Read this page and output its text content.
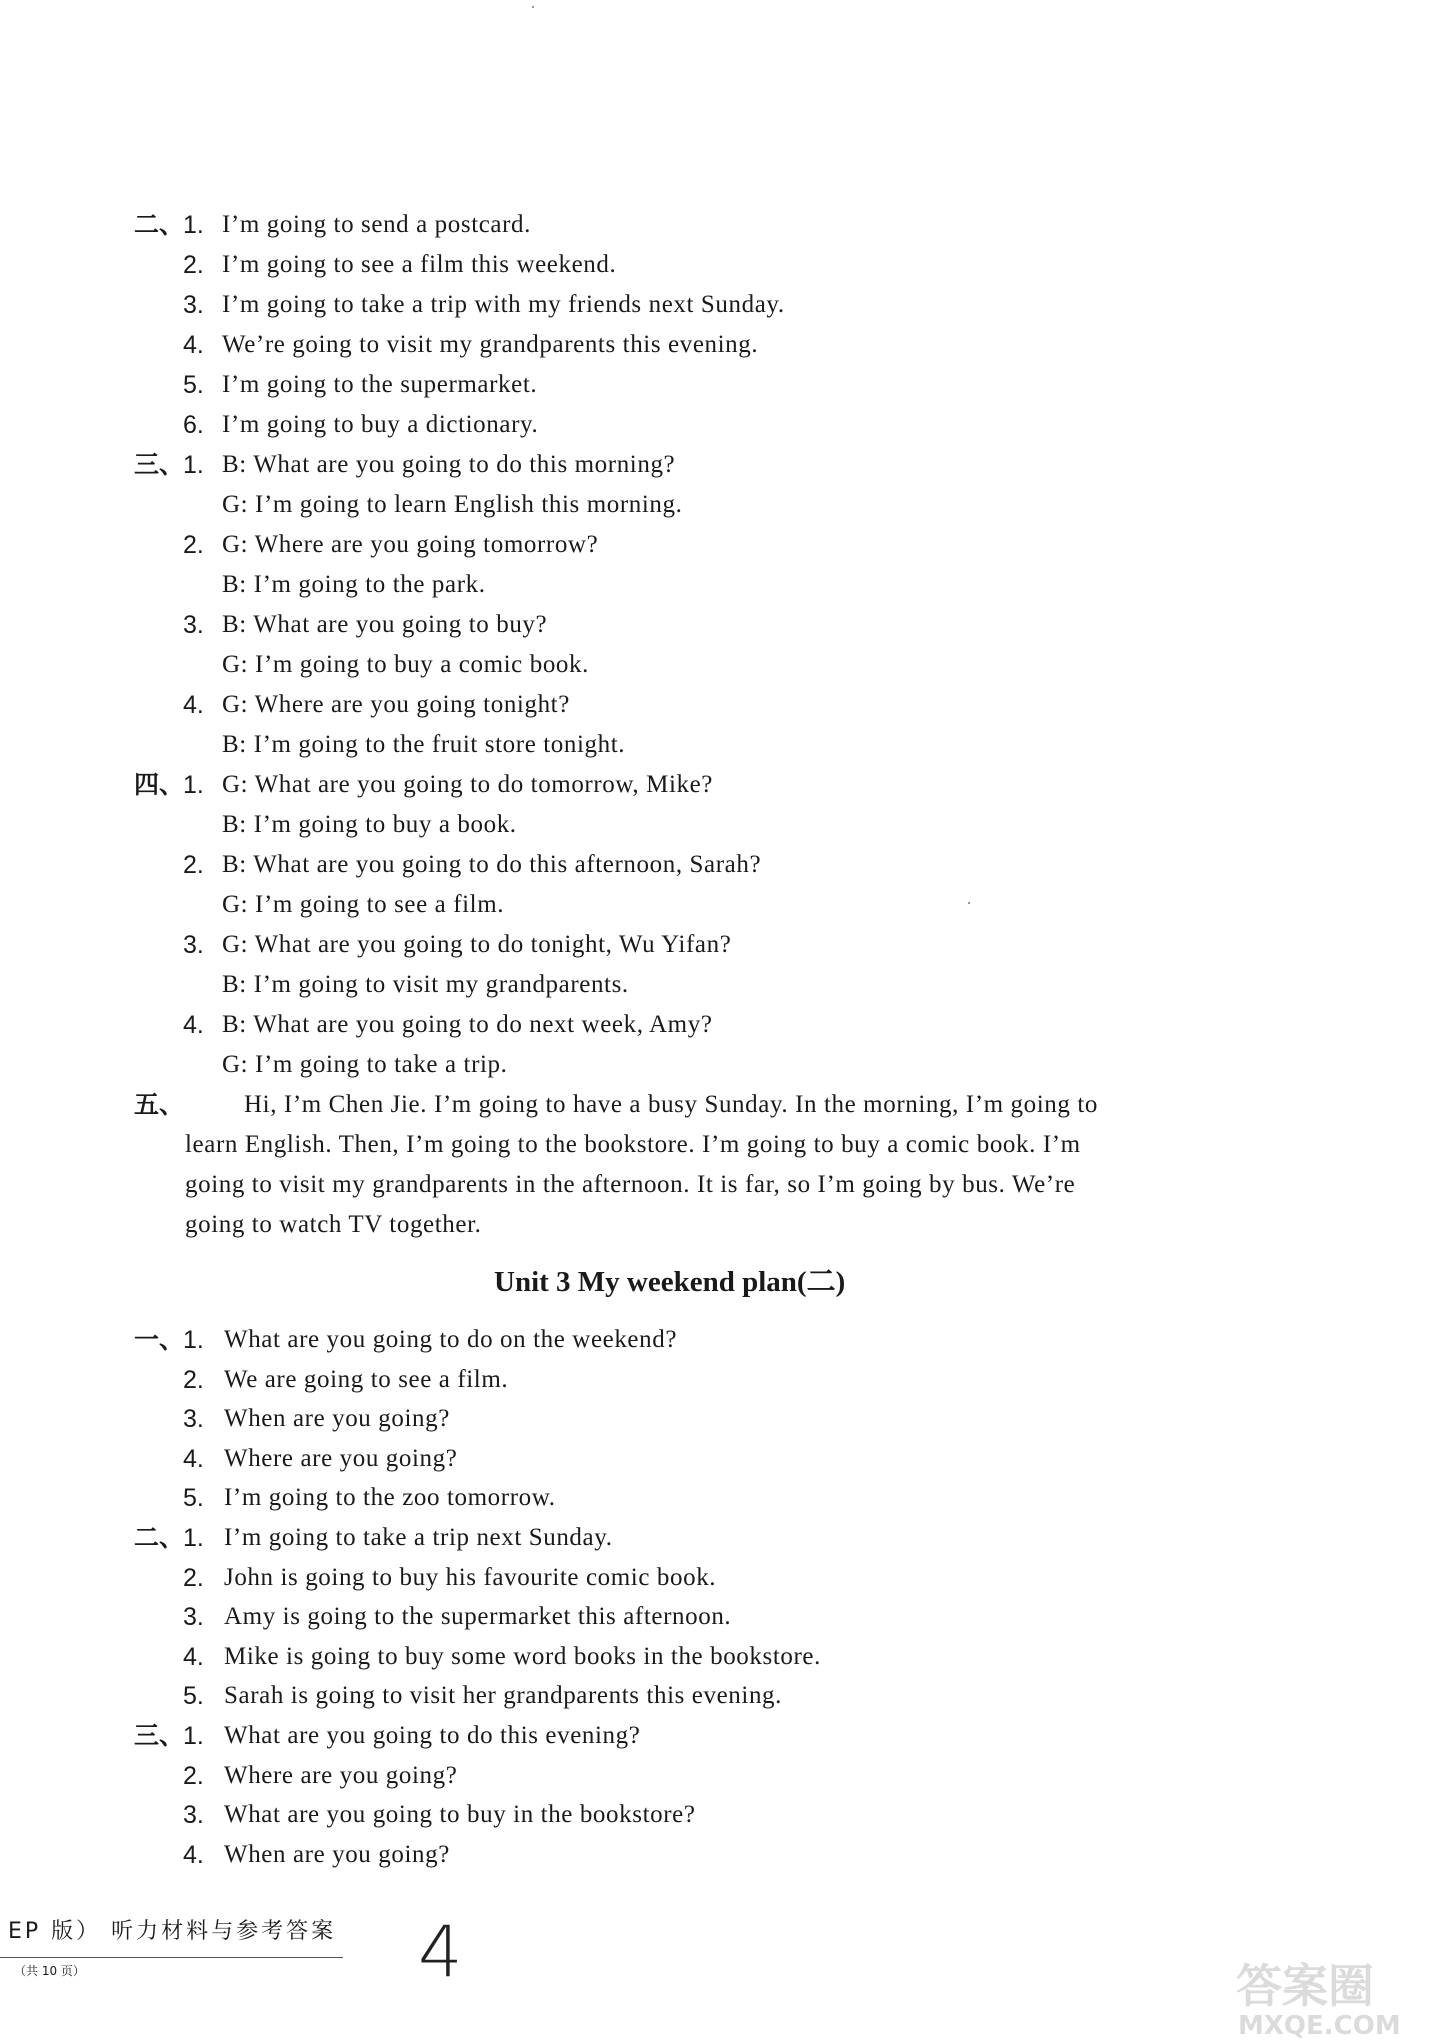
二、
1. I’m going to send a postcard.
2. I’m going to see a film this weekend.
3. I’m going to take a trip with my friends next Sunday.
4. We’re going to visit my grandparents this evening.
5. I’m going to the supermarket.
6. I’m going to buy a dictionary.
三、
1. B: What are you going to do this morning?
G: I’m going to learn English this morning.
2. G: Where are you going tomorrow?
B: I’m going to the park.
3. B: What are you going to buy?
G: I’m going to buy a comic book.
4. G: Where are you going tonight?
B: I’m going to the fruit store tonight.
四、
1. G: What are you going to do tomorrow, Mike?
B: I’m going to buy a book.
2. B: What are you going to do this afternoon, Sarah?
G: I’m going to see a film.
3. G: What are you going to do tonight, Wu Yifan?
B: I’m going to visit my grandparents.
4. B: What are you going to do next week, Amy?
G: I’m going to take a trip.
五、 Hi, I’m Chen Jie. I’m going to have a busy Sunday. In the morning, I’m going to
learn English. Then, I’m going to the bookstore. I’m going to buy a comic book. I’m
going to visit my grandparents in the afternoon. It is far, so I’m going by bus. We’re
going to watch TV together.
一、
1. What are you going to do on the weekend?
2. We are going to see a film.
3. When are you going?
4. Where are you going?
5. I’m going to the zoo tomorrow.
二、
1. I’m going to take a trip next Sunday.
2. John is going to buy his favourite comic book.
3. Amy is going to the supermarket this afternoon.
4. Mike is going to buy some word books in the bookstore.
5. Sarah is going to visit her grandparents this evening.
三、
1. What are you going to do this evening?
2. Where are you going?
3. What are you going to buy in the bookstore?
4. When are you going?
Unit 3 My weekend plan(二)
EP 版） 听力材料与参考答案
（共 10 页）	4	答案圈
MXQE.COM
